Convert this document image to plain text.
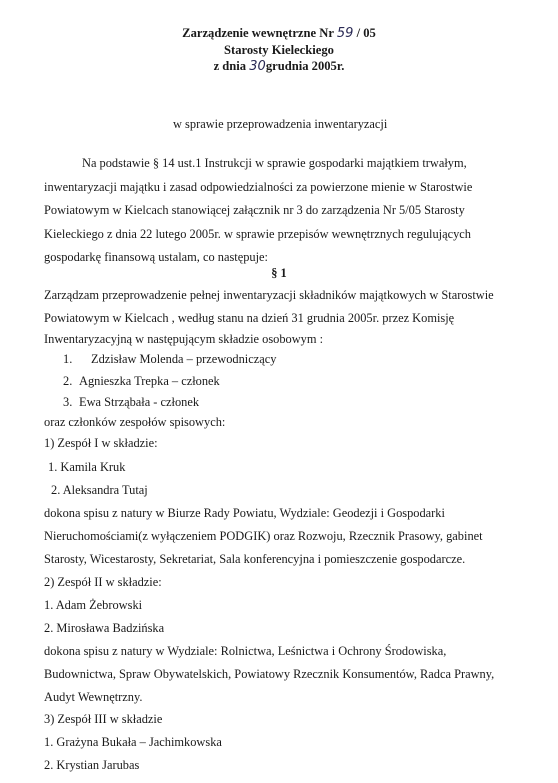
Zarządzenie wewnętrzne Nr 59 / 05
Starosty Kieleckiego
z dnia 30grudnia 2005r.
w sprawie przeprowadzenia inwentaryzacji
Na podstawie § 14 ust.1 Instrukcji w sprawie gospodarki majątkiem trwałym,
inwentaryzacji majątku i zasad odpowiedzialności za powierzone mienie w Starostwie
Powiatowym w Kielcach stanowiącej załącznik nr 3 do zarządzenia Nr 5/05 Starosty
Kieleckiego z dnia 22 lutego 2005r. w sprawie przepisów wewnętrznych regulujących
gospodarkę finansową ustalam, co następuje:
§ 1
Zarządzam przeprowadzenie pełnej inwentaryzacji składników majątkowych w Starostwie
Powiatowym w Kielcach , według stanu na dzień 31 grudnia 2005r. przez Komisję
Inwentaryzacyjną w następującym składzie osobowym :
1. Zdzisław Molenda – przewodniczący
2. Agnieszka Trepka – członek
3. Ewa Strząbała - członek
oraz członków zespołów spisowych:
1) Zespół I w składzie:
1. Kamila Kruk
2. Aleksandra Tutaj
dokona spisu z natury w Biurze Rady Powiatu, Wydziale: Geodezji i Gospodarki
Nieruchomościami(z wyłączeniem PODGIK) oraz Rozwoju, Rzecznik Prasowy, gabinet
Starosty, Wicestarosty, Sekretariat, Sala konferencyjna i pomieszczenie gospodarcze.
2) Zespół II w składzie:
1. Adam Żebrowski
2. Mirosława Badzińska
dokona spisu z natury w Wydziale: Rolnictwa, Leśnictwa i Ochrony Środowiska,
Budownictwa, Spraw Obywatelskich, Powiatowy Rzecznik Konsumentów, Radca Prawny,
Audyt Wewnętrzny.
3) Zespół III w składzie
1. Grażyna Bukała – Jachimkowska
2. Krystian Jarubas
